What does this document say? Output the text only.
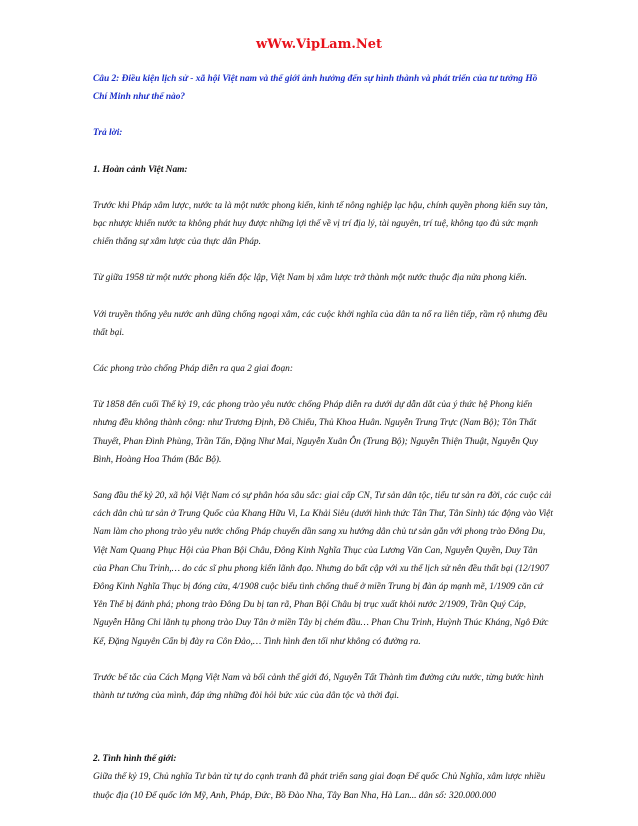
wWw.VipLam.Net

Câu 2: Điều kiện lịch sử - xã hội Việt nam và thế giới ảnh hưởng đến sự hình thành và phát triển của tư tưởng Hồ Chí Minh như thế nào?

Trả lời:

1. Hoàn cảnh Việt Nam:

Trước khi Pháp xâm lược, nước ta là một nước phong kiến, kinh tế nông nghiệp lạc hậu, chính quyền phong kiến suy tàn, bạc nhược khiến nước ta không phát huy được những lợi thế về vị trí địa lý, tài nguyên, trí tuệ, không tạo đủ sức mạnh chiến thắng sự xâm lược của thực dân Pháp.

Từ giữa 1958 từ một nước phong kiến độc lập, Việt Nam bị xâm lược trở thành một nước thuộc địa nửa phong kiến.

Với truyền thống yêu nước anh dũng chống ngoại xâm, các cuộc khởi nghĩa của dân ta nổ ra liên tiếp, rầm rộ nhưng đều thất bại.

Các phong trào chống Pháp diễn ra qua 2 giai đoạn:

Từ 1858 đến cuối Thế kỷ 19, các phong trào yêu nước chống Pháp diễn ra dưới dự dẫn dắt của ý thức hệ Phong kiến nhưng đều không thành công: như Trương Định, Đồ Chiểu, Thủ Khoa Huân. Nguyễn Trung Trực (Nam Bộ); Tôn Thất Thuyết, Phan Đình Phùng, Trần Tấn, Đặng Như Mai, Nguyễn Xuân Ôn (Trung Bộ); Nguyễn Thiện Thuật, Nguyễn Quy Bình, Hoàng Hoa Thám (Bắc Bộ).

Sang đầu thế kỷ 20, xã hội Việt Nam có sự phân hóa sâu sắc: giai cấp CN, Tư sản dân tộc, tiểu tư sản ra đời, các cuộc cải cách dân chủ tư sản ở Trung Quốc của Khang Hữu Vi, La Khải Siêu (dưới hình thức Tân Thư, Tân Sinh) tác động vào Việt Nam làm cho phong trào yêu nước chống Pháp chuyển dần sang xu hướng dân chủ tư sản gắn với phong trào Đông Du, Việt Nam Quang Phục Hội của Phan Bội Châu, Đông Kinh Nghĩa Thục của Lương Văn Can, Nguyễn Quyền, Duy Tân của Phan Chu Trinh,… do các sĩ phu phong kiến lãnh đạo. Nhưng do bất cập với xu thế lịch sử nên đều thất bại (12/1907 Đông Kinh Nghĩa Thục bị đóng cửa, 4/1908 cuộc biểu tình chống thuế ở miền Trung bị đàn áp mạnh mẽ, 1/1909 căn cứ Yên Thế bị đánh phá; phong trào Đông Du bị tan rã, Phan Bội Châu bị trục xuất khỏi nước 2/1909, Trần Quý Cáp, Nguyễn Hằng Chi lãnh tụ phong trào Duy Tân ở miền Tây bị chém đầu… Phan Chu Trinh, Huỳnh Thúc Kháng, Ngô Đức Kế, Đặng Nguyên Cẩn bị đày ra Côn Đảo,… Tình hình đen tối như không có đường ra.

Trước bế tắc của Cách Mạng Việt Nam và bối cảnh thế giới đó, Nguyễn Tất Thành tìm đường cứu nước, từng bước hình thành tư tưởng của mình, đáp ứng những đòi hỏi bức xúc của dân tộc và thời đại.

2. Tình hình thế giới:

Giữa thế kỷ 19, Chủ nghĩa Tư bản từ tự do cạnh tranh đã phát triển sang giai đoạn Đế quốc Chủ Nghĩa, xâm lược nhiều thuộc địa (10 Đế quốc lớn Mỹ, Anh, Pháp, Đức, Bồ Đào Nha, Tây Ban Nha, Hà Lan... dân số: 320.000.000
